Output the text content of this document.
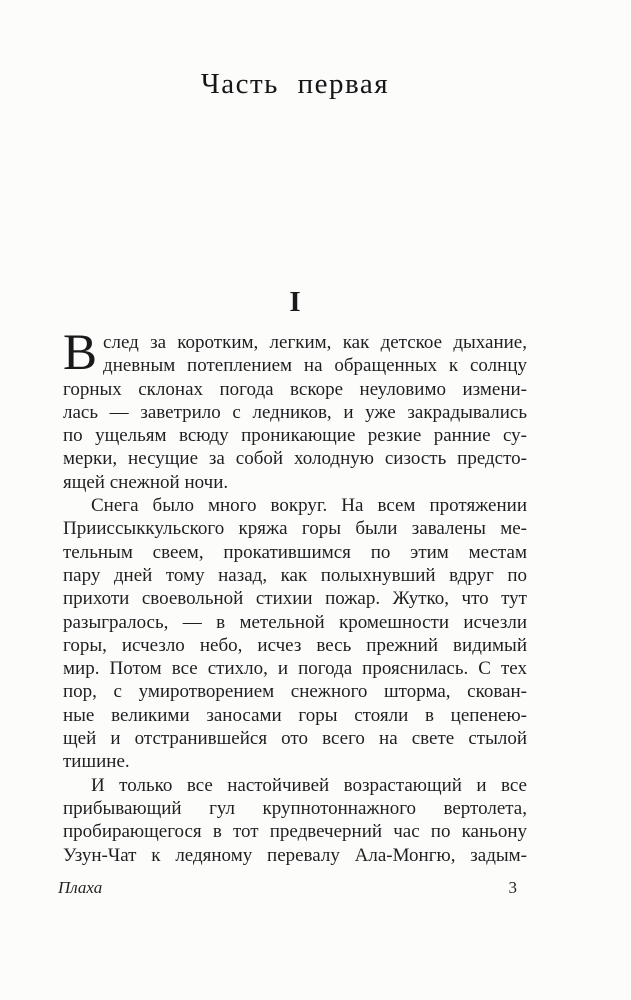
Часть первая
I
В след за коротким, легким, как детское дыхание,
дневным потеплением на обращенных к солнцу
горных склонах погода вскоре неуловимо измени-
лась — заветрило с ледников, и уже закрадывались
по ущельям всюду проникающие резкие ранние су-
мерки, несущие за собой холодную сизость предсто-
ящей снежной ночи.
Снега было много вокруг. На всем протяжении
Прииссыккульского кряжа горы были завалены ме-
тельным свеем, прокатившимся по этим местам
пару дней тому назад, как полыхнувший вдруг по
прихоти своевольной стихии пожар. Жутко, что тут
разыгралось, — в метельной кромешности исчезли
горы, исчезло небо, исчез весь прежний видимый
мир. Потом все стихло, и погода прояснилась. С тех
пор, с умиротворением снежного шторма, скован-
ные великими заносами горы стояли в цепенею-
щей и отстранившейся ото всего на свете стылой
тишине.
И только все настойчивей возрастающий и все
прибывающий гул крупнотоннажного вертолета,
пробирающегося в тот предвечерний час по каньону
Узун-Чат к ледяному перевалу Ала-Монгю, задым-
Плаха	3
